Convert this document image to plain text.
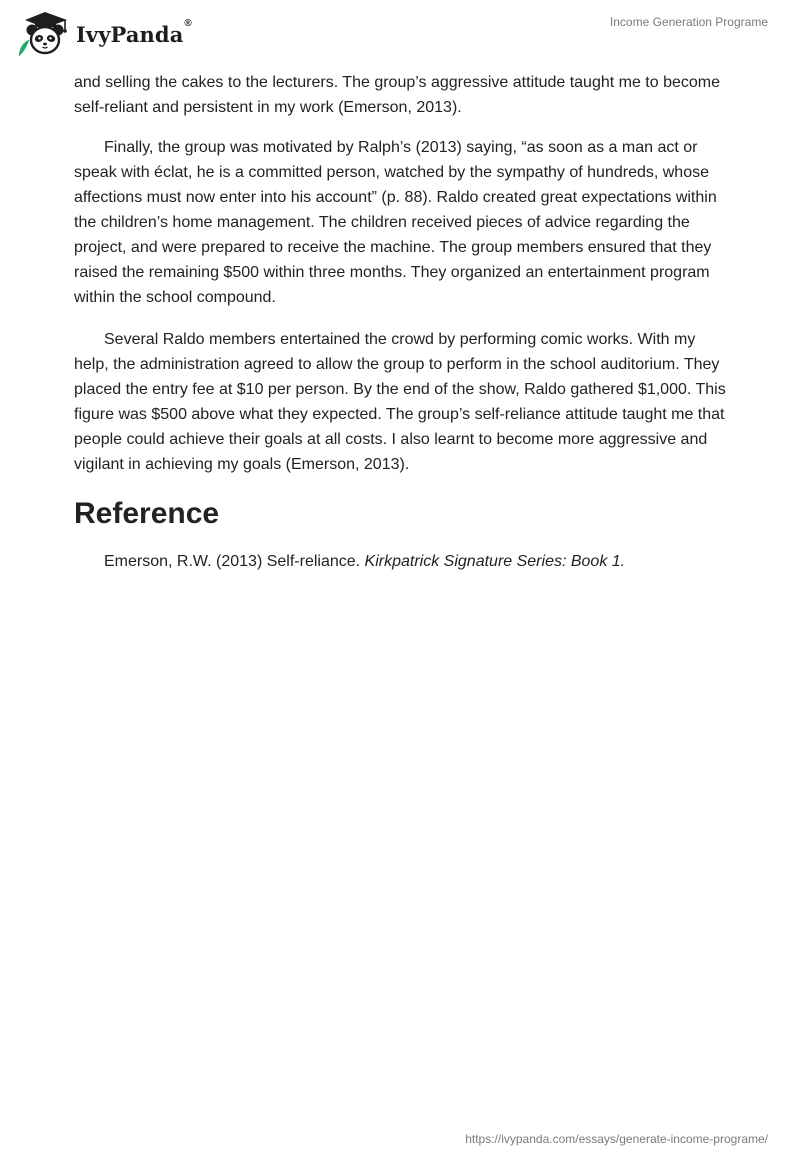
IvyPanda®	Income Generation Programe

and selling the cakes to the lecturers. The group’s aggressive attitude taught me to become self-reliant and persistent in my work (Emerson, 2013).

Finally, the group was motivated by Ralph’s (2013) saying, “as soon as a man act or speak with éclat, he is a committed person, watched by the sympathy of hundreds, whose affections must now enter into his account” (p. 88). Raldo created great expectations within the children’s home management. The children received pieces of advice regarding the project, and were prepared to receive the machine. The group members ensured that they raised the remaining $500 within three months. They organized an entertainment program within the school compound.

Several Raldo members entertained the crowd by performing comic works. With my help, the administration agreed to allow the group to perform in the school auditorium. They placed the entry fee at $10 per person. By the end of the show, Raldo gathered $1,000. This figure was $500 above what they expected. The group’s self-reliance attitude taught me that people could achieve their goals at all costs. I also learnt to become more aggressive and vigilant in achieving my goals (Emerson, 2013).

Reference
Emerson, R.W. (2013) Self-reliance. Kirkpatrick Signature Series: Book 1.
https://ivypanda.com/essays/generate-income-programe/
